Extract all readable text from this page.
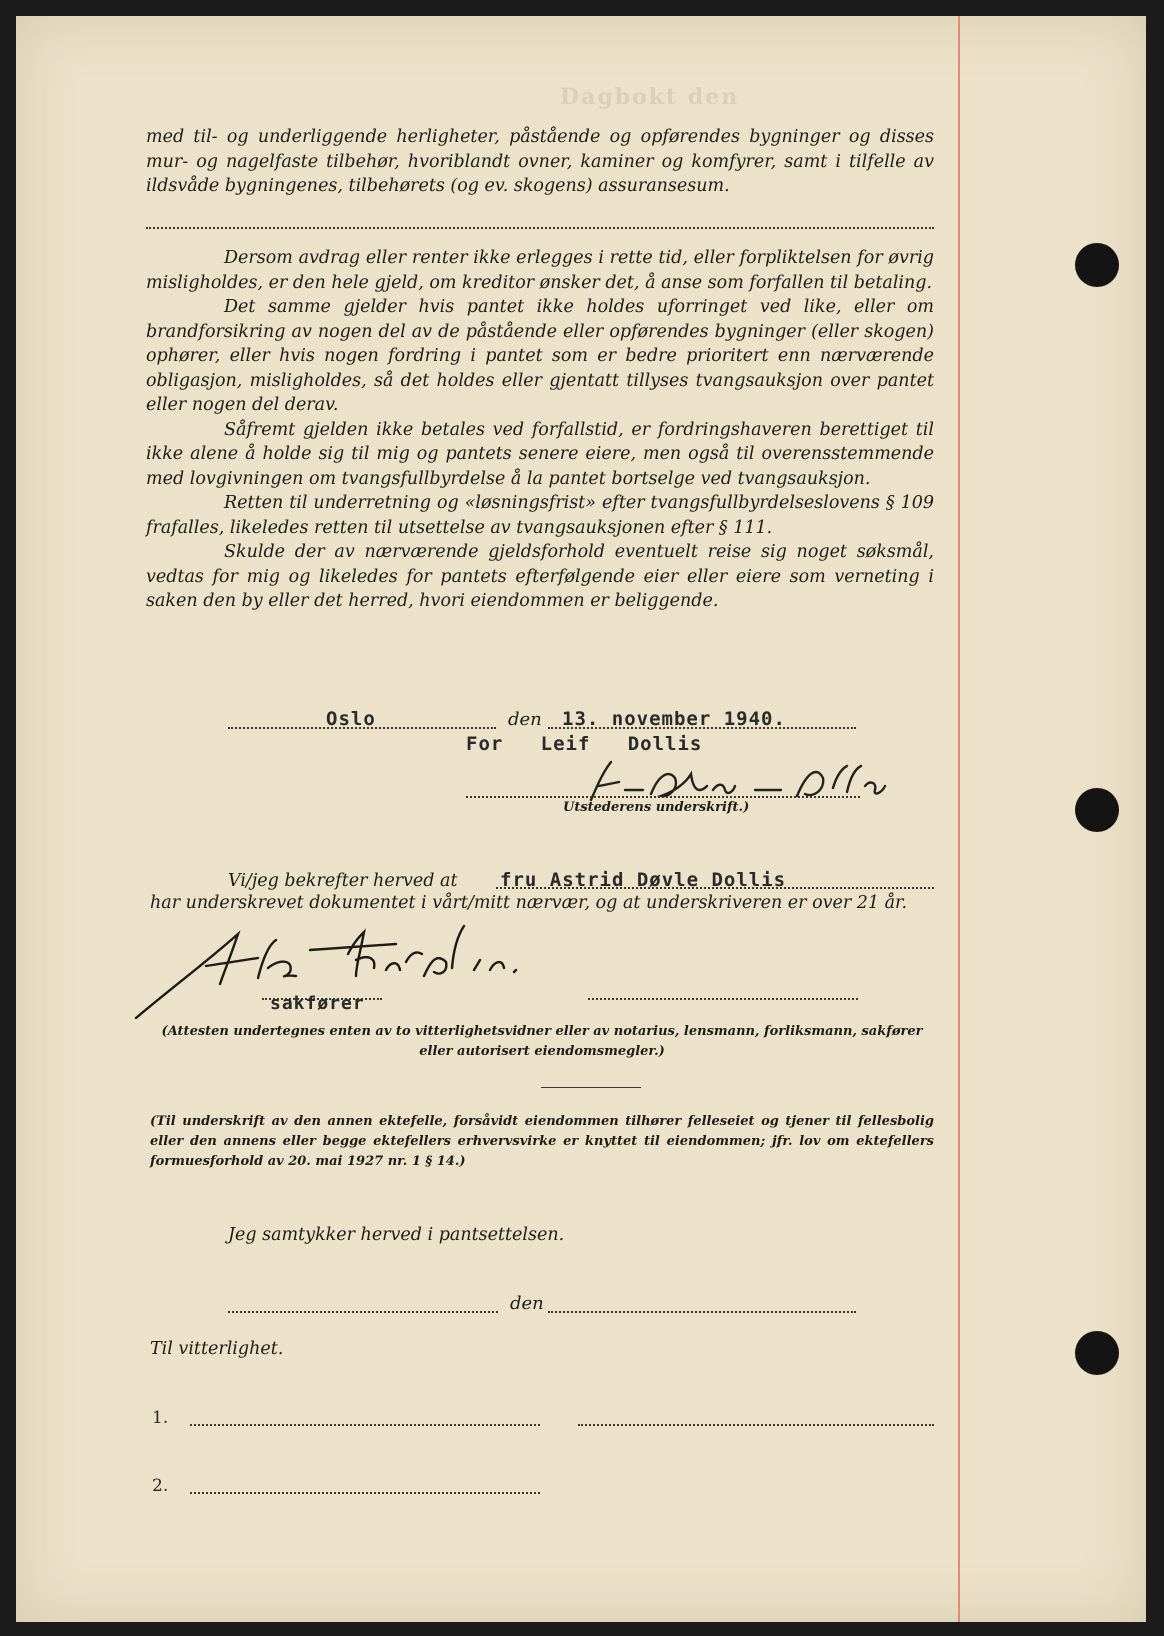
Dagbokt den

med til- og underliggende herligheter, påstående og opførendes bygninger og disses mur- og nagelfaste tilbehør, hvoriblandt ovner, kaminer og komfyrer, samt i tilfelle av ildsvåde bygningenes, tilbehørets (og ev. skogens) assuransesum.

Dersom avdrag eller renter ikke erlegges i rette tid, eller forpliktelsen for øvrig misligholdes, er den hele gjeld, om kreditor ønsker det, å anse som forfallen til betaling.

Det samme gjelder hvis pantet ikke holdes uforringet ved like, eller om brandforsikring av nogen del av de påstående eller opførendes bygninger (eller skogen) ophører, eller hvis nogen fordring i pantet som er bedre prioritert enn nærværende obligasjon, misligholdes, så det holdes eller gjentatt tillyses tvangsauksjon over pantet eller nogen del derav.

Såfremt gjelden ikke betales ved forfallstid, er fordringshaveren berettiget til ikke alene å holde sig til mig og pantets senere eiere, men også til overensstemmende med lovgivningen om tvangsfullbyrdelse å la pantet bortselge ved tvangsauksjon.

Retten til underretning og «løsningsfrist» efter tvangsfullbyrdelseslovens § 109 frafalles, likeledes retten til utsettelse av tvangsauksjonen efter § 111.

Skulde der av nærværende gjeldsforhold eventuelt reise sig noget søksmål, vedtas for mig og likeledes for pantets efterfølgende eier eller eiere som verneting i saken den by eller det herred, hvori eiendommen er beliggende.

Oslo	den 13. november 1940.
For   Leif   Dollis
Utstederens underskrift.)
Vi/jeg bekrefter herved at fru Astrid Døvle Dollis
har underskrevet dokumentet i vårt/mitt nærvær, og at underskriveren er over 21 år.
sakfører
(Attesten undertegnes enten av to vitterlighetsvidner eller av notarius, lensmann, forliksmann, sakfører eller autorisert eiendomsmegler.)
(Til underskrift av den annen ektefelle, forsåvidt eiendommen tilhører felleseiet og tjener til fellesbolig eller den annens eller begge ektefellers erhvervsvirke er knyttet til eiendommen; jfr. lov om ektefellers formuesforhold av 20. mai 1927 nr. 1 § 14.)
Jeg samtykker herved i pantsettelsen.
den
Til vitterlighet.
1.
2.
